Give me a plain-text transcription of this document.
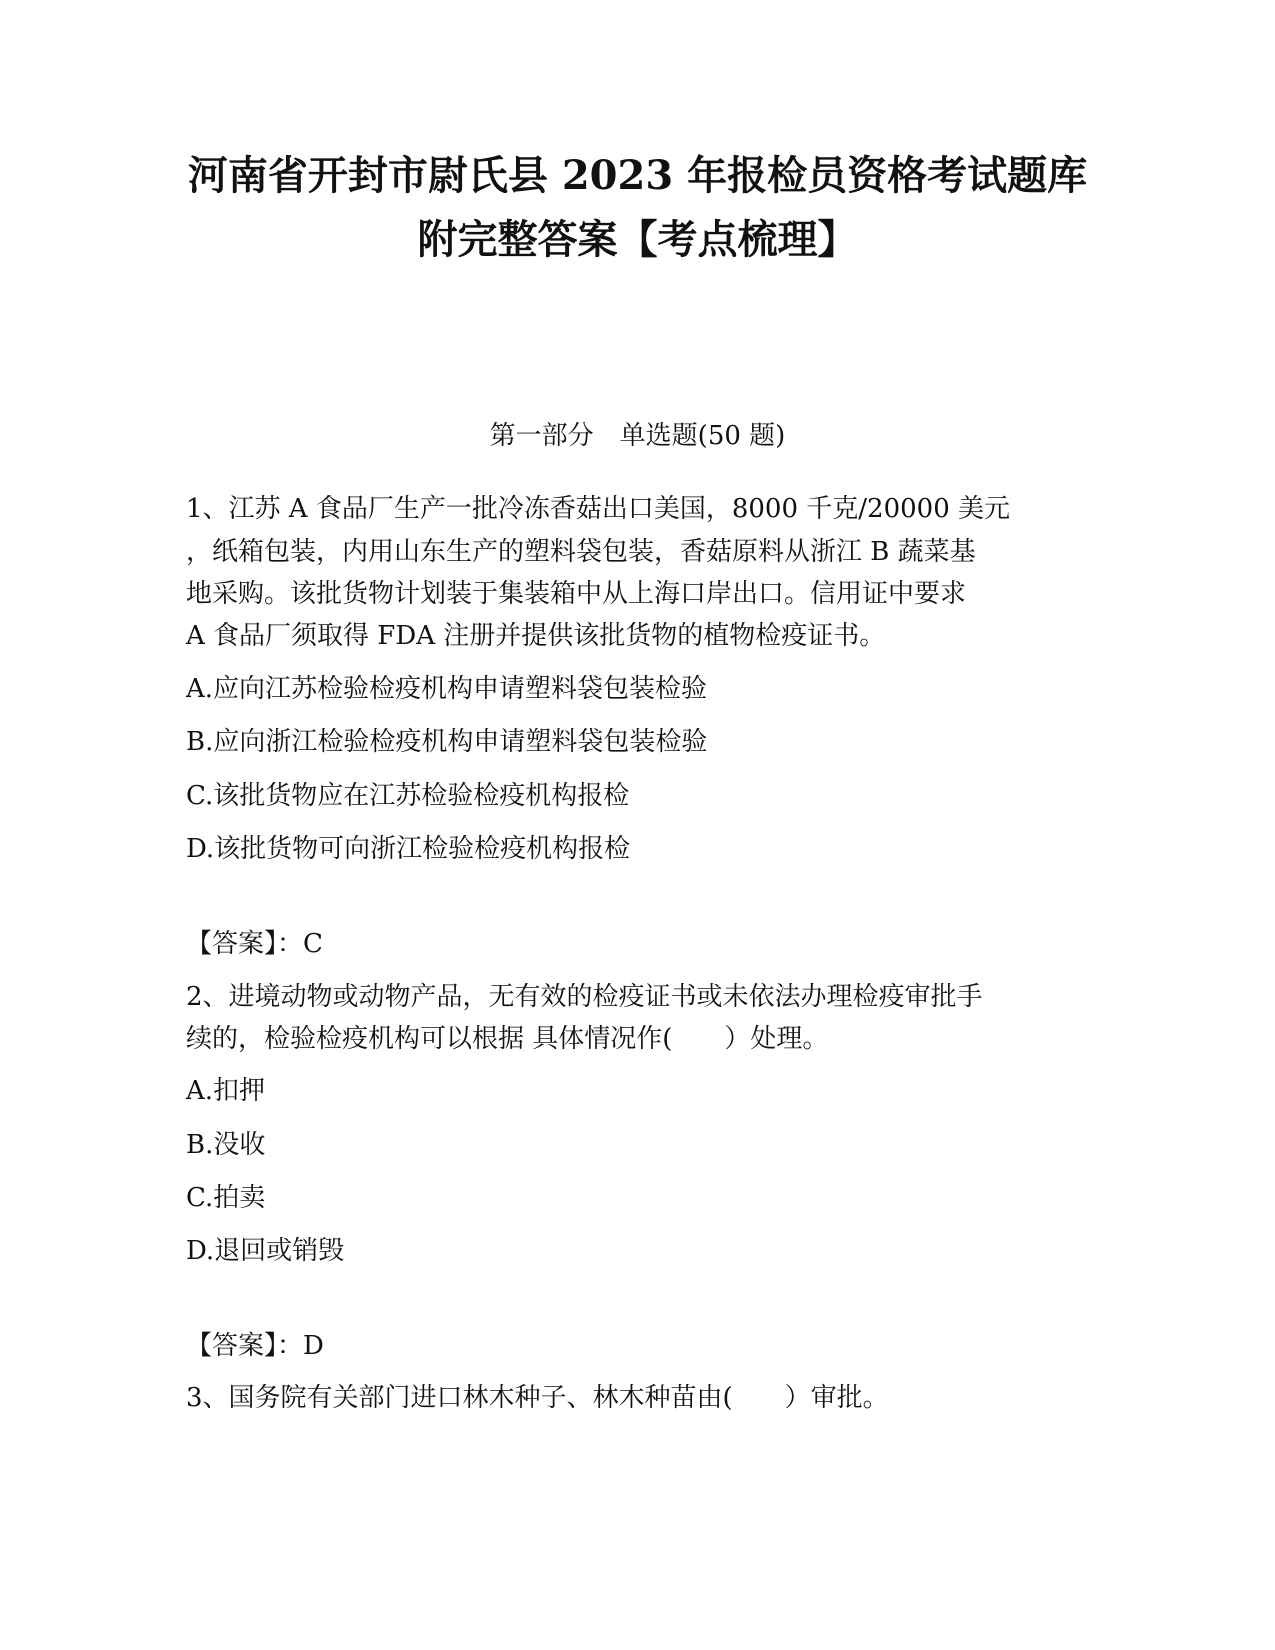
河南省开封市尉氏县 2023 年报检员资格考试题库
附完整答案【考点梳理】
第一部分　单选题(50 题)
1、江苏 A 食品厂生产一批冷冻香菇出口美国，8000 千克/20000 美元
，纸箱包装，内用山东生产的塑料袋包装，香菇原料从浙江 B 蔬菜基
地采购。该批货物计划装于集装箱中从上海口岸出口。信用证中要求
A 食品厂须取得 FDA 注册并提供该批货物的植物检疫证书。
A.应向江苏检验检疫机构申请塑料袋包装检验
B.应向浙江检验检疫机构申请塑料袋包装检验
C.该批货物应在江苏检验检疫机构报检
D.该批货物可向浙江检验检疫机构报检
【答案】：C
2、进境动物或动物产品，无有效的检疫证书或未依法办理检疫审批手
续的，检验检疫机构可以根据 具体情况作(　　）处理。
A.扣押
B.没收
C.拍卖
D.退回或销毁
【答案】：D
3、国务院有关部门进口林木种子、林木种苗由(　　）审批。
